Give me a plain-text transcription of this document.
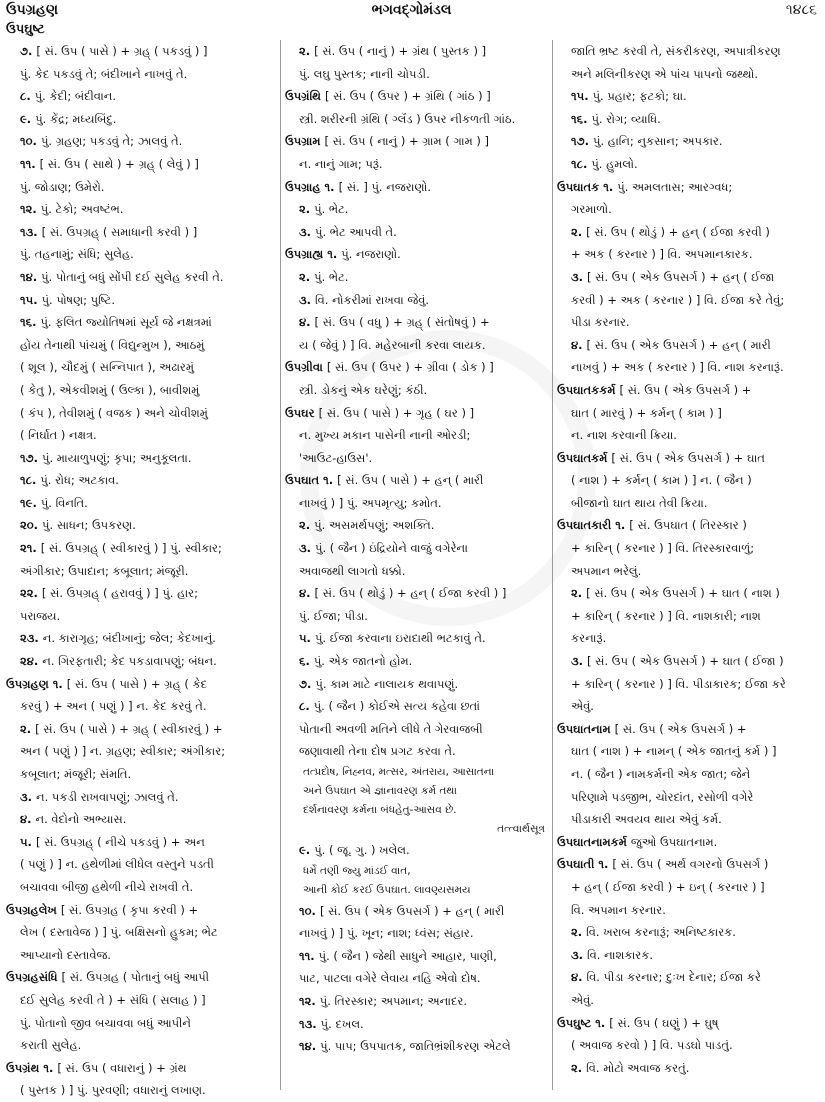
ઉપગ્રહણ	ભગવદ્ગોમંડલ	૧૪૮૬
ઉપઘુષ્ટ
૭. [ સં. ઉપ ( પાસે ) + ગ્રહ્ ( પકડવું ) ]
પું. કેદ પકડવું તે; બંદીખાને નાખવું તે.
૮. પું. કેદી; બંદીવાન.
૯. પું. કેંદ્ર; મધ્યબિંદુ.
૧૦. પું. ગ્રહણ; પકડવું તે; ઝાલવું તે.
૧૧. [ સં. ઉપ ( સાથે ) + ગ્રહ્ ( લેવું ) ]
પું. જોડાણ; ઉમેરો.
૧૨. પું. ટેકો; અવષ્ટંભ.
૧૩. [ સં. ઉપગ્રહ્ ( સમાધાની કરવી ) ]
પું. તહનામું; સંધિ; સુલેહ.
૧૪. પું. પોતાનું બધું સોંપી દઈ સુલેહ કરવી તે.
૧૫. પું. પોષણ; પુષ્ટિ.
૧૬. પું. ફલિત જ્યોતિષમાં સૂર્ય જે નક્ષત્રમાં
હોય તેનાથી પાંચમું ( વિદ્યુન્મુખ ), આઠમું
( શૂલ ), ચૌદમું ( સન્નિપાત ), અઢારમું
( કેતુ ), એકવીશમું ( ઉલ્કા ), બાવીશમું
( કંપ ), તેવીશમું ( વજક ) અને ચોવીશમું
( નિર્ઘાત ) નક્ષત્ર.
૧૭. પું. માયાળુપણું; કૃપા; અનુકૂલતા.
૧૮. પું. રોધ; અટકાવ.
૧૯. પું. વિનતિ.
૨૦. પું. સાધન; ઉપકરણ.
૨૧. [ સં. ઉપગ્રહ્ ( સ્વીકારવું ) ] પું. સ્વીકાર;
અંગીકાર; ઉપાદાન; કબૂલાત; મંજૂરી.
૨૨. [ સં. ઉપગ્રહ્ ( હરાવવું ) ] પું. હાર;
પરાજય.
૨૩. ન. કારાગૃહ; બંદીખાનું; જેલ; કેદખાનું.
૨૪. ન. ગિરફતારી; કેદ પકડાવાપણું; બંધન.
ઉપગ્રહણ ૧. [ સં. ઉપ ( પાસે ) + ગ્રહ્ ( કેદ
કરવું ) + અન ( પણું ) ] ન. કેદ કરવું તે.
૨. [ સં. ઉપ ( પાસે ) + ગ્રહ્ ( સ્વીકારવું ) +
અન ( પણું ) ] ન. ગ્રહણ; સ્વીકાર; અંગીકાર;
કબૂલાત; મંજૂરી; સંમતિ.
૩. ન. પકડી રાખવાપણું; ઝાલવું તે.
૪. ન. વેદોનો અભ્યાસ.
૫. [ સં. ઉપગ્રહ્ ( નીચે પકડવું ) + અન
( પણું ) ] ન. હથેળીમાં લીધેલ વસ્તુને પડતી
બચાવવા બીજી હથેળી નીચે રાખવી તે.
ઉપગ્રહલેખ [ સં. ઉપગ્રહ ( કૃપા કરવી ) +
લેખ ( દસ્તાવેજ ) ] પું. બક્ષિસનો હુકમ; ભેટ
આપ્યાનો દસ્તાવેજ.
ઉપગ્રહસંધિ [ સં. ઉપગ્રહ ( પોતાનું બધું આપી
દઈ સુલેહ કરવી તે ) + સંધિ ( સલાહ ) ]
પું. પોતાનો જીવ બચાવવા બધું આપીને
કરાતી સુલેહ.
ઉપગ્રંથ ૧. [ સં. ઉપ ( વધારાનું ) + ગ્રંથ
( પુસ્તક ) ] પું. પુરવણી; વધારાનું લખાણ.
૨. [ સં. ઉપ ( નાનું ) + ગ્રંથ ( પુસ્તક ) ]
પું. લઘુ પુસ્તક; નાની ચોપડી.
ઉપગ્રંથિ [ સં. ઉપ ( ઉપર ) + ગ્રંથિ ( ગાંઠ ) ]
સ્ત્રી. શરીરની ગ્રંથિ ( ગ્લૅંડ ) ઉપર નીકળતી ગાંઠ.
ઉપગ્રામ [ સં. ઉપ ( નાનું ) + ગ્રામ ( ગામ ) ]
ન. નાનું ગામ; પરૂં.
ઉપગ્રાહ ૧. [ સં. ] પું. નજરાણો.
૨. પું. ભેટ.
૩. પું. ભેટ આપવી તે.
ઉપગ્રાહ્ય ૧. પું. નજરાણો.
૨. પું. ભેટ.
૩. વિ. નોકરીમાં રાખવા જેવું.
૪. [ સં. ઉપ ( વધુ ) + ગ્રહ્ ( સંતોષવું ) +
ય ( જેવું ) ] વિ. મહેરબાની કરવા લાયક.
ઉપગ્રીવા [ સં. ઉપ ( ઉપર ) + ગ્રીવા ( ડોક ) ]
સ્ત્રી. ડોકનું એક ઘરેણું; કંઠી.
ઉપઘર [ સં. ઉપ ( પાસે ) + ગૃહ ( ઘર ) ]
ન. મુખ્ય મકાન પાસેની નાની ઓરડી;
'આઉટ-હાઉસ'.
ઉપઘાત ૧. [ સં. ઉપ ( પાસે ) + હન્ ( મારી
નાખવું ) ] પું. અપમૃત્યુ; કમોત.
૨. પું. અસમર્થપણું; અશક્તિ.
૩. પું. ( જૈન ) ઇંદ્રિયોને વાજું વગેરેના
અવાજથી લાગતો ધક્કો.
૪. [ સં. ઉપ ( થોડું ) + હન્ ( ઈજા કરવી ) ]
પું. ઈજા; પીડા.
૫. પું. ઈજા કરવાના ઇરાદાથી ભટકાવું તે.
૬. પું. એક જાતનો હોમ.
૭. પું. કામ માટે નાલાયક થવાપણું.
૮. પું. ( જૈન ) કોઈએ સત્ય કહેવા છતાં
પોતાની અવળી મતિને લીધે તે ગેરવાજબી
જણાવાથી તેના દોષ પ્રગટ કરવા તે.
તત્પ્રદોષ, નિહ્નવ, મત્સર, અંતરાય, આસાતના
અને ઉપઘાત એ જ્ઞાનાવરણ કર્મ તથા
દર્શનાવરણ કર્મના બંધહેતુ-આસવ છે.
તત્ત્વાર્થસૂત્ર
૯. પું. ( જૂ. ગુ. ) ખલેલ.
ધર્મે તણી જ્યુ માંડઈ વાત,
આની કોઈ કરઈ ઉપઘાત. લાવણ્યસમય
૧૦. [ સં. ઉપ ( એક ઉપસર્ગ ) + હન્ ( મારી
નાખવું ) ] પું. ખૂન; નાશ; ધ્વંસ; સંહાર.
૧૧. પું. ( જૈન ) જેથી સાધુને આહાર, પાણી,
પાટ, પાટલા વગેરે લેવાય નહિ એવો દોષ.
૧૨. પું. તિરસ્કાર; અપમાન; અનાદર.
૧૩. પું. દખલ.
૧૪. પું. પાપ; ઉપપાતક, જાતિભ્રંશીકરણ એટલે
જાતિ ભ્રષ્ટ કરવી તે, સંકરીકરણ, અપાત્રીકરણ
અને મલિનીકરણ એ પાંચ પાપનો જથ્થો.
૧૫. પું. પ્રહાર; ફટકો; ઘા.
૧૬. પું. રોગ; વ્યાધિ.
૧૭. પું. હાનિ; નુકસાન; અપકાર.
૧૮. પું. હુમલો.
ઉપઘાતક ૧. પું. અમલતાસ; આરગ્વધ;
ગરમાળો.
૨. [ સં. ઉપ ( થોડું ) + હન્ ( ઈજા કરવી )
+ અક ( કરનાર ) ] વિ. અપમાનકારક.
૩. [ સં. ઉપ ( એક ઉપસર્ગ ) + હન્ ( ઈજા
કરવી ) + અક ( કરનાર ) ] વિ. ઈજા કરે તેવું;
પીડા કરનાર.
૪. [ સં. ઉપ ( એક ઉપસર્ગ ) + હન્ ( મારી
નાખવું ) + અક ( કરનાર ) ] વિ. નાશ કરનારૂં.
ઉપઘાતકકર્મ [ સં. ઉપ ( એક ઉપસર્ગ ) +
ઘાત ( મારવું ) + કર્મન્ ( કામ ) ]
ન. નાશ કરવાની ક્રિયા.
ઉપઘાતકર્મ [ સં. ઉપ ( એક ઉપસર્ગ ) + ઘાત
( નાશ ) + કર્મન્ ( કામ ) ] ન. ( જૈન )
બીજાનો ઘાત થાય તેવી ક્રિયા.
ઉપઘાતકારી ૧. [ સં. ઉપઘાત ( તિરસ્કાર )
+ કારિન્ ( કરનાર ) ] વિ. તિરસ્કારવાળું;
અપમાન ભરેલું.
૨. [ સં. ઉપ ( એક ઉપસર્ગ ) + ઘાત ( નાશ )
+ કારિન્ ( કરનાર ) ] વિ. નાશકારી; નાશ
કરનારૂં.
૩. [ સં. ઉપ ( એક ઉપસર્ગ ) + ઘાત ( ઈજા )
+ કારિન્ ( કરનાર ) ] વિ. પીડાકારક; ઈજા કરે
એવું.
ઉપઘાતનામ [ સં. ઉપ ( એક ઉપસર્ગ ) +
ઘાત ( નાશ ) + નામન્ ( એક જાતનું કર્મ ) ]
ન. ( જૈન ) નામકર્મની એક જાત; જેને
પરિણામે પડજીભ, ચોરદાંત, રસોળી વગેરે
પીડાકારી અવયવ થાય એવું કર્મ.
ઉપઘાતનામકર્મ જુઓ ઉપઘાતનામ.
ઉપઘાતી ૧. [ સં. ઉપ ( અર્થ વગરનો ઉપસર્ગ )
+ હન્ ( ઈજા કરવી ) + ઇન્ ( કરનાર ) ]
વિ. અપમાન કરનાર.
૨. વિ. ખરાબ કરનારૂં; અનિષ્ટકારક.
૩. વિ. નાશકારક.
૪. વિ. પીડા કરનાર; દુઃખ દેનાર; ઈજા કરે
એવું.
ઉપઘુષ્ટ ૧. [ સં. ઉપ ( ઘણું ) + ઘુષ્
( અવાજ કરવો ) ] વિ. પડઘો પાડતું.
૨. વિ. મોટો અવાજ કરતું.
